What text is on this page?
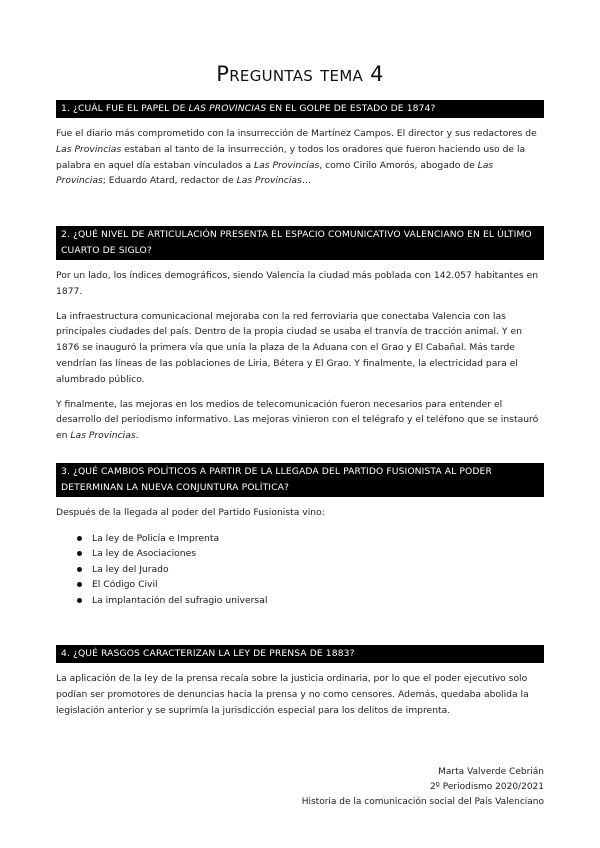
Preguntas tema 4
1. ¿CUÁL FUE EL PAPEL DE LAS PROVINCIAS EN EL GOLPE DE ESTADO DE 1874?

Fue el diario más comprometido con la insurrección de Martínez Campos. El director y sus redactores de Las Provincias estaban al tanto de la insurrección, y todos los oradores que fueron haciendo uso de la palabra en aquel día estaban vinculados a Las Provincias, como Cirilo Amorós, abogado de Las Provincias; Eduardo Atard, redactor de Las Provincias…

2. ¿QUÉ NIVEL DE ARTICULACIÓN PRESENTA EL ESPACIO COMUNICATIVO VALENCIANO EN EL ÚLTIMO CUARTO DE SIGLO?

Por un lado, los índices demográficos, siendo Valencia la ciudad más poblada con 142.057 habitantes en 1877.

La infraestructura comunicacional mejoraba con la red ferroviaria que conectaba Valencia con las principales ciudades del país. Dentro de la propia ciudad se usaba el tranvía de tracción animal. Y en 1876 se inauguró la primera vía que unía la plaza de la Aduana con el Grao y El Cabañal. Más tarde vendrían las líneas de las poblaciones de Liria, Bétera y El Grao. Y finalmente, la electricidad para el alumbrado público.

Y finalmente, las mejoras en los medios de telecomunicación fueron necesarios para entender el desarrollo del periodismo informativo. Las mejoras vinieron con el telégrafo y el teléfono que se instauró en Las Provincias.

3. ¿QUÉ CAMBIOS POLÍTICOS A PARTIR DE LA LLEGADA DEL PARTIDO FUSIONISTA AL PODER DETERMINAN LA NUEVA CONJUNTURA POLÍTICA?

Después de la llegada al poder del Partido Fusionista vino:

La ley de Policía e Imprenta
La ley de Asociaciones
La ley del Jurado
El Código Civil
La implantación del sufragio universal
4. ¿QUÉ RASGOS CARACTERIZAN LA LEY DE PRENSA DE 1883?

La aplicación de la ley de la prensa recaía sobre la justicia ordinaria, por lo que el poder ejecutivo solo podían ser promotores de denuncias hacia la prensa y no como censores. Además, quedaba abolida la legislación anterior y se suprimía la jurisdicción especial para los delitos de imprenta.

Marta Valverde Cebrián
2º Periodismo 2020/2021
Historia de la comunicación social del País Valenciano
